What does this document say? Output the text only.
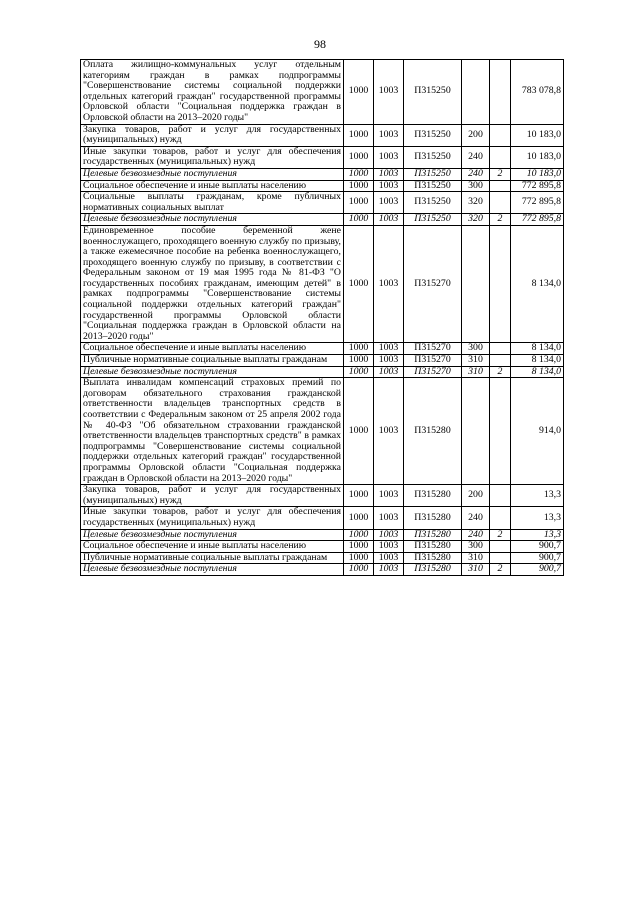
98
Оплата жилищно-коммунальных услуг отдельным категориям граждан в рамках подпрограммы "Совершенствование системы социальной поддержки отдельных категорий граждан" государственной программы Орловской области "Социальная поддержка граждан в Орловской области на 2013–2020 годы"	1000	1003	П315250			783 078,8
Закупка товаров, работ и услуг для государственных (муниципальных) нужд	1000	1003	П315250	200		10 183,0
Иные закупки товаров, работ и услуг для обеспечения государственных (муниципальных) нужд	1000	1003	П315250	240		10 183,0
Целевые безвозмездные поступления	1000	1003	П315250	240	2	10 183,0
Социальное обеспечение и иные выплаты населению	1000	1003	П315250	300		772 895,8
Социальные выплаты гражданам, кроме публичных нормативных социальных выплат	1000	1003	П315250	320		772 895,8
Целевые безвозмездные поступления	1000	1003	П315250	320	2	772 895,8
Единовременное пособие беременной жене военнослужащего, проходящего военную службу по призыву, а также ежемесячное пособие на ребенка военнослужащего, проходящего военную службу по призыву, в соответствии с Федеральным законом от 19 мая 1995 года № 81-ФЗ "О государственных пособиях гражданам, имеющим детей" в рамках подпрограммы "Совершенствование системы социальной поддержки отдельных категорий граждан" государственной программы Орловской области "Социальная поддержка граждан в Орловской области на 2013–2020 годы"	1000	1003	П315270			8 134,0
Социальное обеспечение и иные выплаты населению	1000	1003	П315270	300		8 134,0
Публичные нормативные социальные выплаты гражданам	1000	1003	П315270	310		8 134,0
Целевые безвозмездные поступления	1000	1003	П315270	310	2	8 134,0
Выплата инвалидам компенсаций страховых премий по договорам обязательного страхования гражданской ответственности владельцев транспортных средств в соответствии с Федеральным законом от 25 апреля 2002 года № 40-ФЗ "Об обязательном страховании гражданской ответственности владельцев транспортных средств" в рамках подпрограммы "Совершенствование системы социальной поддержки отдельных категорий граждан" государственной программы Орловской области "Социальная поддержка граждан в Орловской области на 2013–2020 годы"	1000	1003	П315280			914,0
Закупка товаров, работ и услуг для государственных (муниципальных) нужд	1000	1003	П315280	200		13,3
Иные закупки товаров, работ и услуг для обеспечения государственных (муниципальных) нужд	1000	1003	П315280	240		13,3
Целевые безвозмездные поступления	1000	1003	П315280	240	2	13,3
Социальное обеспечение и иные выплаты населению	1000	1003	П315280	300		900,7
Публичные нормативные социальные выплаты гражданам	1000	1003	П315280	310		900,7
Целевые безвозмездные поступления	1000	1003	П315280	310	2	900,7
